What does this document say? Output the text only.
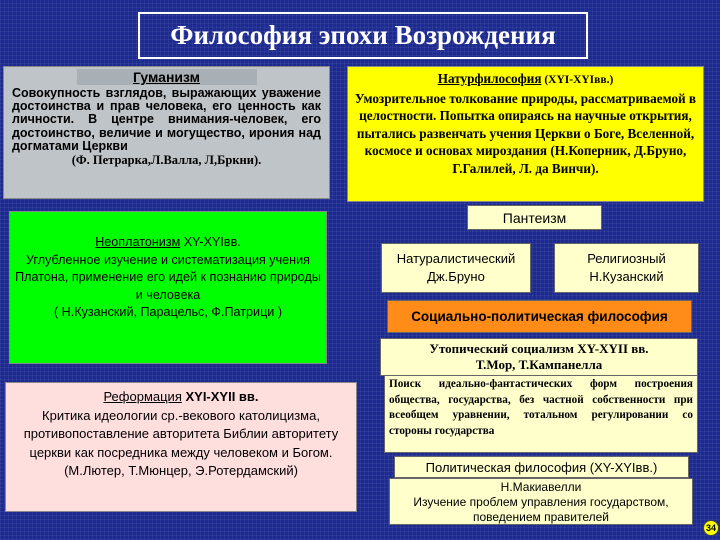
Философия эпохи Возрождения
Гуманизм
Совокупность взглядов, выражающих уважение достоинства и прав человека, его ценность как личности. В центре внимания-человек, его достоинство, величие и могущество, ирония над догматами Церкви
(Ф. Петрарка,Л.Валла, Л,Бркни).
Натурфилософия (XYI-XYIвв.)
Умозрительное толкование природы, рассматриваемой в целостности. Попытка опираясь на научные открытия, пытались развенчать учения Церкви о Боге, Вселенной, космосе и основах мироздания (Н.Коперник, Д.Бруно, Г.Галилей, Л. да Винчи).
Неоплатонизм XY-XYIвв.
Углубленное изучение и систематизация учения Платона, применение его идей к познанию природы и человека
( Н.Кузанский, Парацельс, Ф.Патрици )
Пантеизм
Натуралистический
Дж.Бруно
Религиозный
Н.Кузанский
Социально-политическая философия
Утопический социализм XY-XYII вв.
Т.Мор, Т.Кампанелла
Поиск идеально-фантастических форм построения общества, государства, без частной собственности при всеобщем уравнении, тотальном регулировании со стороны государства
Реформация XYI-XYII вв.
Критика идеологии ср.-векового католицизма, противопоставление авторитета Библии авторитету церкви как посредника между человеком и Богом.
(М.Лютер, Т.Мюнцер, Э.Ротердамский)	Политическая философия (XY-XYIвв.)
Н.Макиавелли
Изучение проблем управления государством, поведением правителей
34
